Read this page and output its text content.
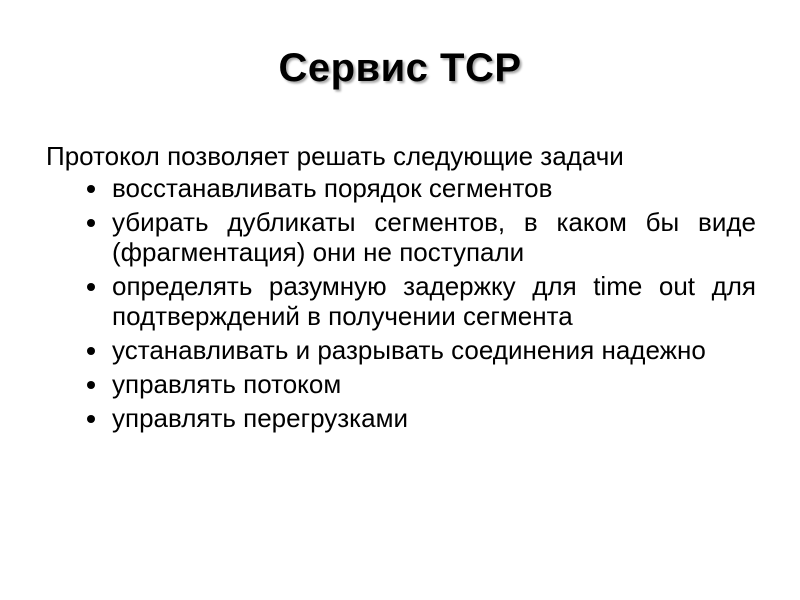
Сервис TCP
Протокол позволяет решать следующие задачи
восстанавливать порядок сегментов
убирать дубликаты сегментов, в каком бы виде (фрагментация) они не поступали
определять разумную задержку для time out для подтверждений в получении сегмента
устанавливать и разрывать соединения надежно
управлять потоком
управлять перегрузками
